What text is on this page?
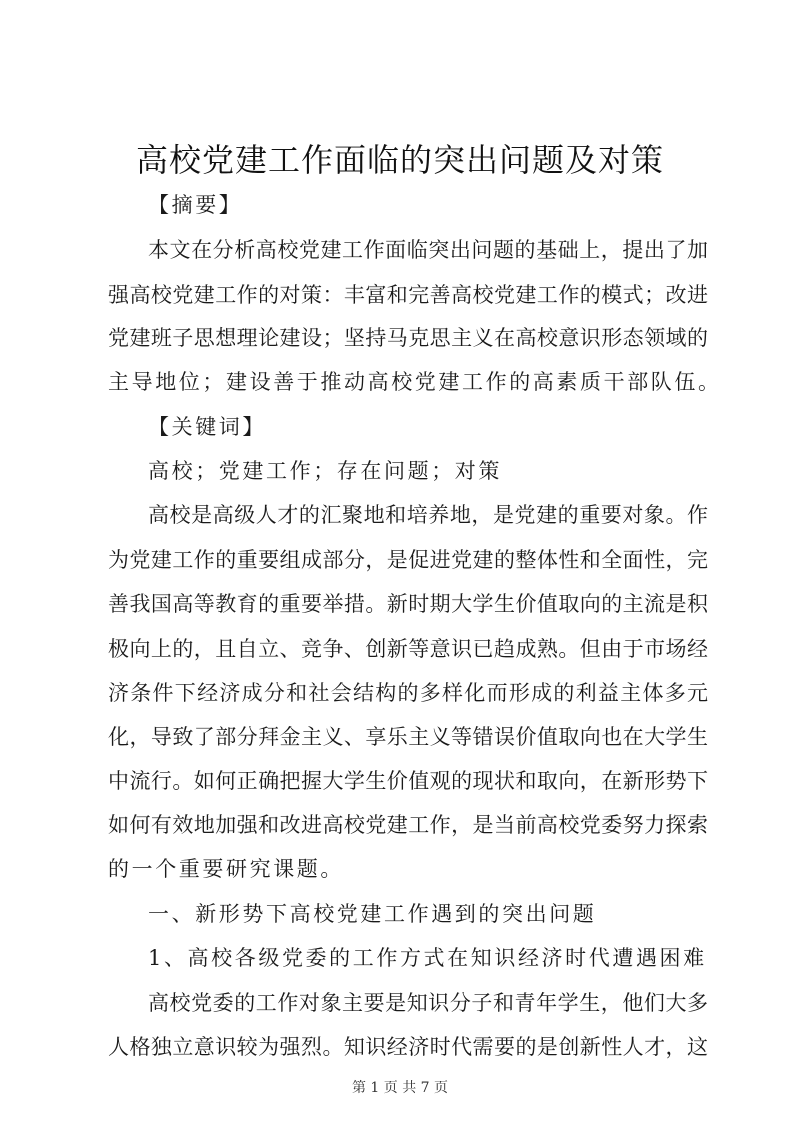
高校党建工作面临的突出问题及对策
【摘要】
本文在分析高校党建工作面临突出问题的基础上，提出了加
强高校党建工作的对策：丰富和完善高校党建工作的模式；改进
党建班子思想理论建设；坚持马克思主义在高校意识形态领域的
主导地位；建设善于推动高校党建工作的高素质干部队伍。
【关键词】
高校；党建工作；存在问题；对策
高校是高级人才的汇聚地和培养地，是党建的重要对象。作
为党建工作的重要组成部分，是促进党建的整体性和全面性，完
善我国高等教育的重要举措。新时期大学生价值取向的主流是积
极向上的，且自立、竞争、创新等意识已趋成熟。但由于市场经
济条件下经济成分和社会结构的多样化而形成的利益主体多元
化，导致了部分拜金主义、享乐主义等错误价值取向也在大学生
中流行。如何正确把握大学生价值观的现状和取向，在新形势下
如何有效地加强和改进高校党建工作，是当前高校党委努力探索
的一个重要研究课题。
一、新形势下高校党建工作遇到的突出问题
1、高校各级党委的工作方式在知识经济时代遭遇困难
高校党委的工作对象主要是知识分子和青年学生，他们大多
人格独立意识较为强烈。知识经济时代需要的是创新性人才，这
第 1 页 共 7 页
